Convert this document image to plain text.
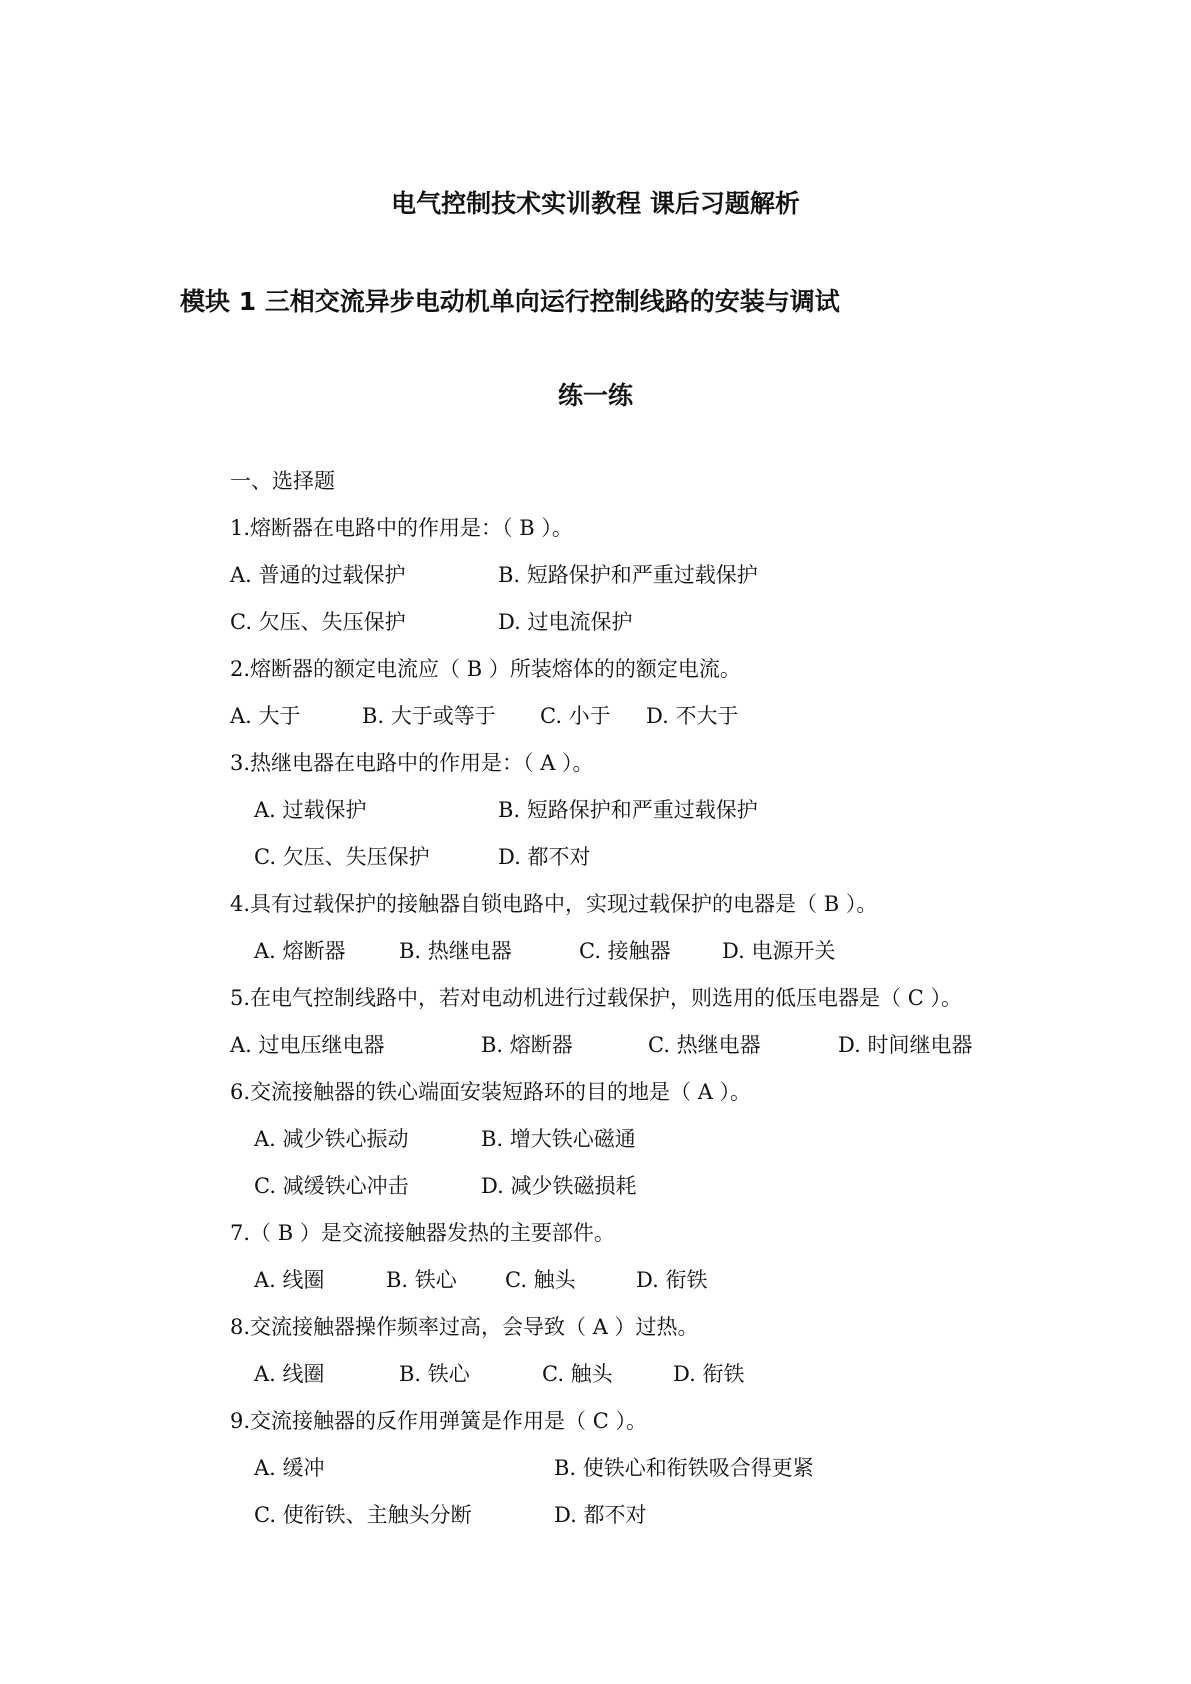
电气控制技术实训教程 课后习题解析
模块 1 三相交流异步电动机单向运行控制线路的安装与调试
练一练
一、选择题
1.熔断器在电路中的作用是：（ B ）。
A. 普通的过载保护	B. 短路保护和严重过载保护
C. 欠压、失压保护	D. 过电流保护
2.熔断器的额定电流应（ B ）所装熔体的的额定电流。
A. 大于	B. 大于或等于 C. 小于 D. 不大于
3.热继电器在电路中的作用是：（ A ）。
A. 过载保护	B. 短路保护和严重过载保护
C. 欠压、失压保护	D. 都不对
4.具有过载保护的接触器自锁电路中，实现过载保护的电器是（ B ）。
A. 熔断器	B. 热继电器	C. 接触器 D. 电源开关
5.在电气控制线路中，若对电动机进行过载保护，则选用的低压电器是（ C ）。
A. 过电压继电器	B. 熔断器	C. 热继电器	D. 时间继电器
6.交流接触器的铁心端面安装短路环的目的地是（ A ）。
A. 减少铁心振动	B. 增大铁心磁通
C. 减缓铁心冲击	D. 减少铁磁损耗
7.（ B ）是交流接触器发热的主要部件。
A. 线圈	B. 铁心 C. 触头	D. 衔铁
8.交流接触器操作频率过高，会导致（ A ）过热。
A. 线圈	B. 铁心	C. 触头	D. 衔铁
9.交流接触器的反作用弹簧是作用是（ C ）。
A. 缓冲	B. 使铁心和衔铁吸合得更紧
C. 使衔铁、主触头分断	D. 都不对
